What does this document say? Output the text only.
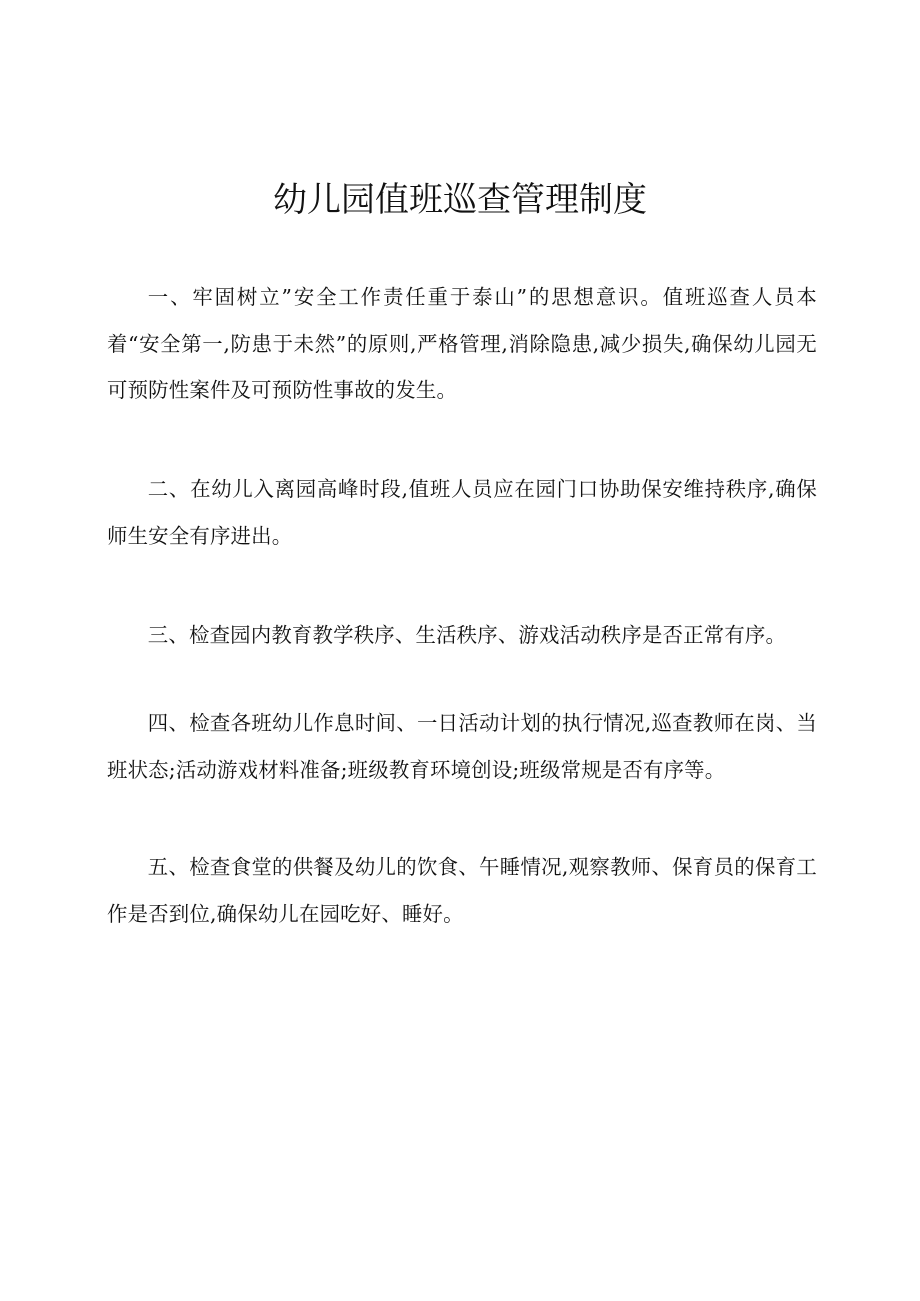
幼儿园值班巡查管理制度

一、牢固树立”安全工作责任重于泰山”的思想意识。值班巡查人员本着“安全第一,防患于未然”的原则,严格管理,消除隐患,减少损失,确保幼儿园无可预防性案件及可预防性事故的发生。

二、在幼儿入离园高峰时段,值班人员应在园门口协助保安维持秩序,确保师生安全有序进出。

三、检查园内教育教学秩序、生活秩序、游戏活动秩序是否正常有序。

四、检查各班幼儿作息时间、一日活动计划的执行情况,巡查教师在岗、当班状态;活动游戏材料准备;班级教育环境创设;班级常规是否有序等。

五、检查食堂的供餐及幼儿的饮食、午睡情况,观察教师、保育员的保育工作是否到位,确保幼儿在园吃好、睡好。
